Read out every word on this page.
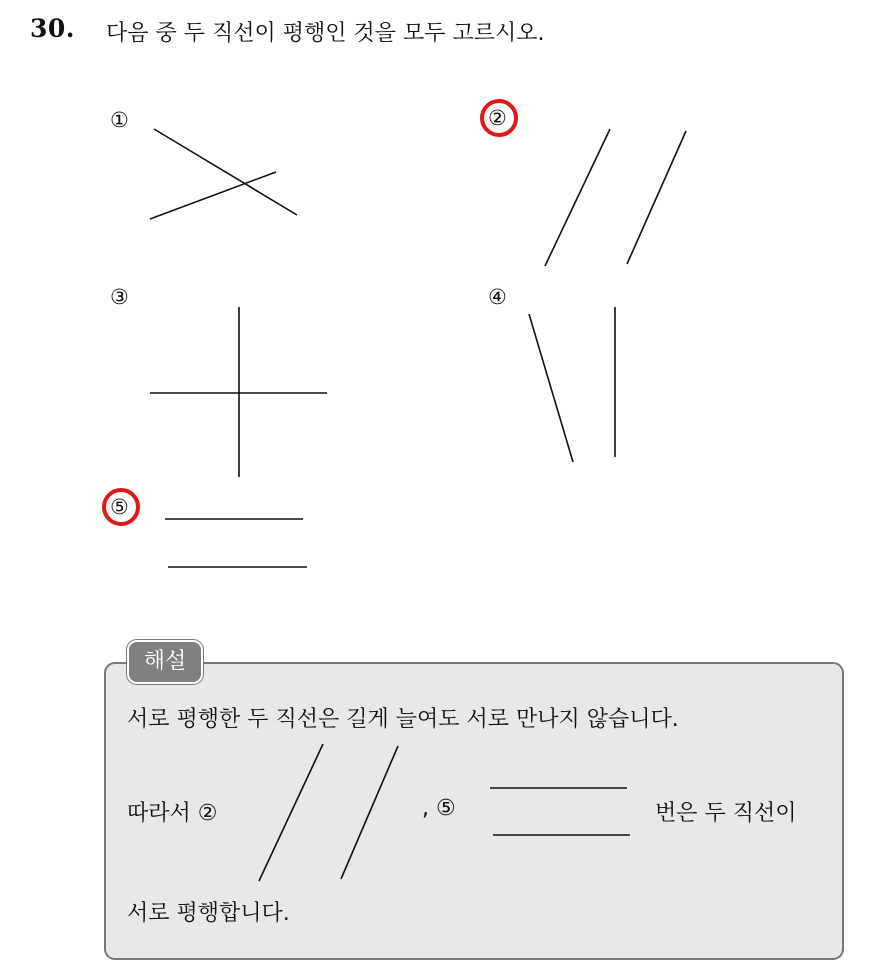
30. 다음 중 두 직선이 평행인 것을 모두 고르시오.
①	②
③	④
⑤
해설
서로 평행한 두 직선은 길게 늘여도 서로 만나지 않습니다.
따라서 ②	, ⑤	번은 두 직선이
서로 평행합니다.
